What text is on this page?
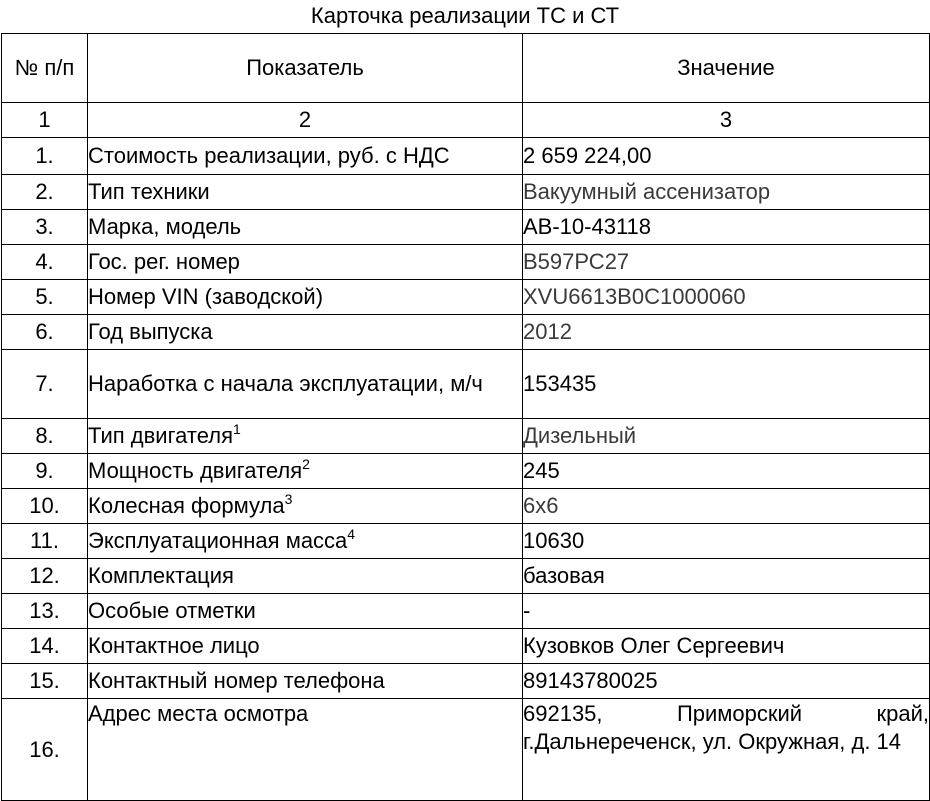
Карточка реализации ТС и СТ
№ п/п	Показатель	Значение
1	2	3
1.	Стоимость реализации, руб. с НДС	2 659 224,00
2.	Тип техники	Вакуумный ассенизатор
3.	Марка, модель	АВ-10-43118
4.	Гос. рег. номер	В597РС27
5.	Номер VIN (заводской)	XVU6613B0C1000060
6.	Год выпуска	2012
7.	Наработка с начала эксплуатации, м/ч	153435
8.	Тип двигателя$^1$	Дизельный
9.	Мощность двигателя$^2$	245
10.	Колесная формула$^3$	6х6
11.	Эксплуатационная масса$^4$	10630
12.	Комплектация	базовая
13.	Особые отметки	-
14.	Контактное лицо	Кузовков Олег Сергеевич
15.	Контактный номер телефона	89143780025
16.	Адрес места осмотра	692135, Приморский край, г.Дальнереченск, ул. Окружная, д. 14
